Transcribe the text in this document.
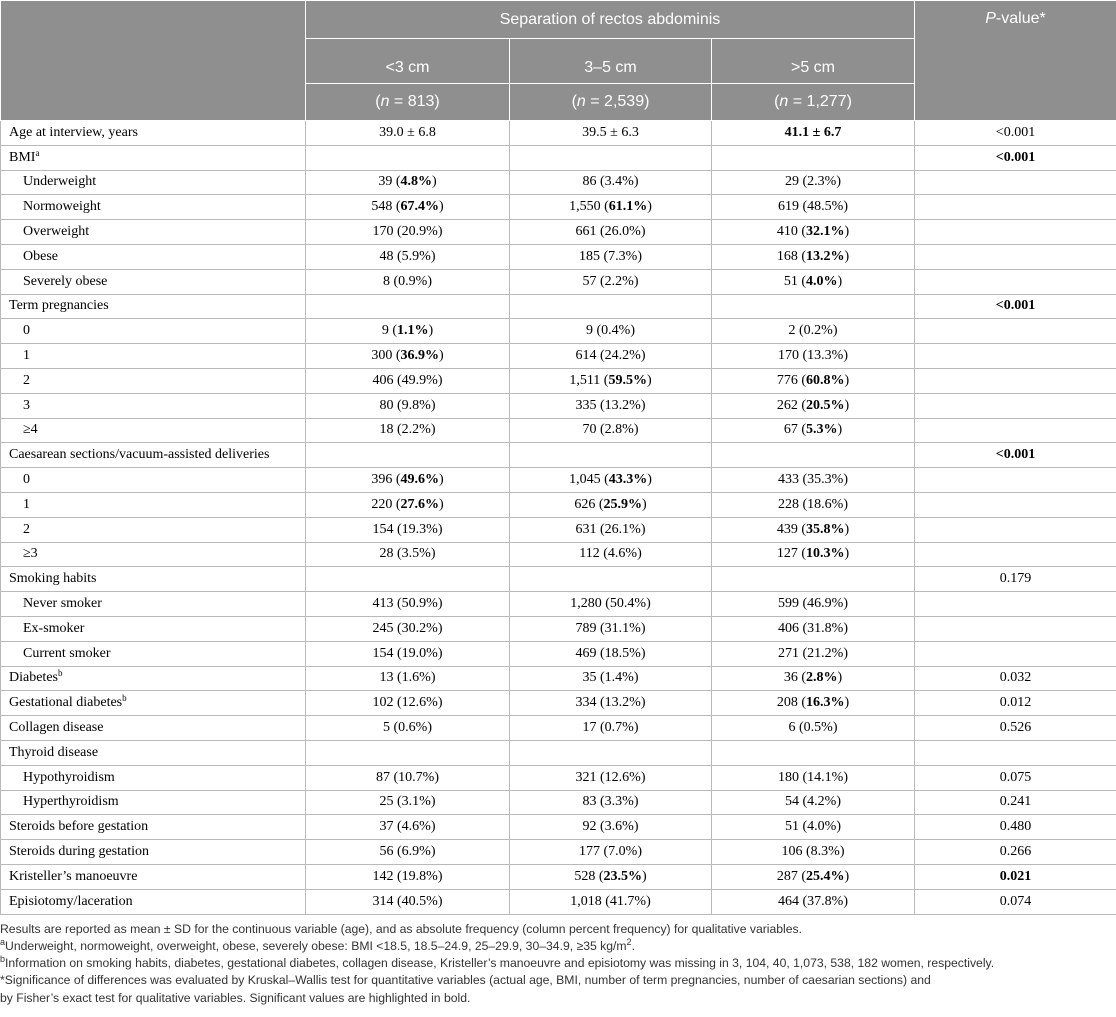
	Separation of rectos abdominis			P-value*
	<3 cm	3–5 cm	>5 cm	
	(n = 813)	(n = 2,539)	(n = 1,277)	
Age at interview, years	39.0 ± 6.8	39.5 ± 6.3	41.1 ± 6.7	<0.001
BMI$^a$				<0.001
Underweight	39 (4.8%)	86 (3.4%)	29 (2.3%)	
Normoweight	548 (67.4%)	1,550 (61.1%)	619 (48.5%)	
Overweight	170 (20.9%)	661 (26.0%)	410 (32.1%)	
Obese	48 (5.9%)	185 (7.3%)	168 (13.2%)	
Severely obese	8 (0.9%)	57 (2.2%)	51 (4.0%)	
Term pregnancies				<0.001
0	9 (1.1%)	9 (0.4%)	2 (0.2%)	
1	300 (36.9%)	614 (24.2%)	170 (13.3%)	
2	406 (49.9%)	1,511 (59.5%)	776 (60.8%)	
3	80 (9.8%)	335 (13.2%)	262 (20.5%)	
≥4	18 (2.2%)	70 (2.8%)	67 (5.3%)	
Caesarean sections/vacuum-assisted deliveries				<0.001
0	396 (49.6%)	1,045 (43.3%)	433 (35.3%)	
1	220 (27.6%)	626 (25.9%)	228 (18.6%)	
2	154 (19.3%)	631 (26.1%)	439 (35.8%)	
≥3	28 (3.5%)	112 (4.6%)	127 (10.3%)	
Smoking habits				0.179
Never smoker	413 (50.9%)	1,280 (50.4%)	599 (46.9%)	
Ex-smoker	245 (30.2%)	789 (31.1%)	406 (31.8%)	
Current smoker	154 (19.0%)	469 (18.5%)	271 (21.2%)	
Diabetes$^b$	13 (1.6%)	35 (1.4%)	36 (2.8%)	0.032
Gestational diabetes$^b$	102 (12.6%)	334 (13.2%)	208 (16.3%)	0.012
Collagen disease	5 (0.6%)	17 (0.7%)	6 (0.5%)	0.526
Thyroid disease				
Hypothyroidism	87 (10.7%)	321 (12.6%)	180 (14.1%)	0.075
Hyperthyroidism	25 (3.1%)	83 (3.3%)	54 (4.2%)	0.241
Steroids before gestation	37 (4.6%)	92 (3.6%)	51 (4.0%)	0.480
Steroids during gestation	56 (6.9%)	177 (7.0%)	106 (8.3%)	0.266
Kristeller’s manoeuvre	142 (19.8%)	528 (23.5%)	287 (25.4%)	0.021
Episiotomy/laceration	314 (40.5%)	1,018 (41.7%)	464 (37.8%)	0.074
Results are reported as mean ± SD for the continuous variable (age), and as absolute frequency (column percent frequency) for qualitative variables.
$^a$Underweight, normoweight, overweight, obese, severely obese: BMI <18.5, 18.5–24.9, 25–29.9, 30–34.9, ≥35 $kg/m^2$.
$^b$Information on smoking habits, diabetes, gestational diabetes, collagen disease, Kristeller’s manoeuvre and episiotomy was missing in 3, 104, 40, 1,073, 538, 182 women, respectively.
*Significance of differences was evaluated by Kruskal–Wallis test for quantitative variables (actual age, BMI, number of term pregnancies, number of caesarian sections) and
by Fisher’s exact test for qualitative variables. Significant values are highlighted in bold.
